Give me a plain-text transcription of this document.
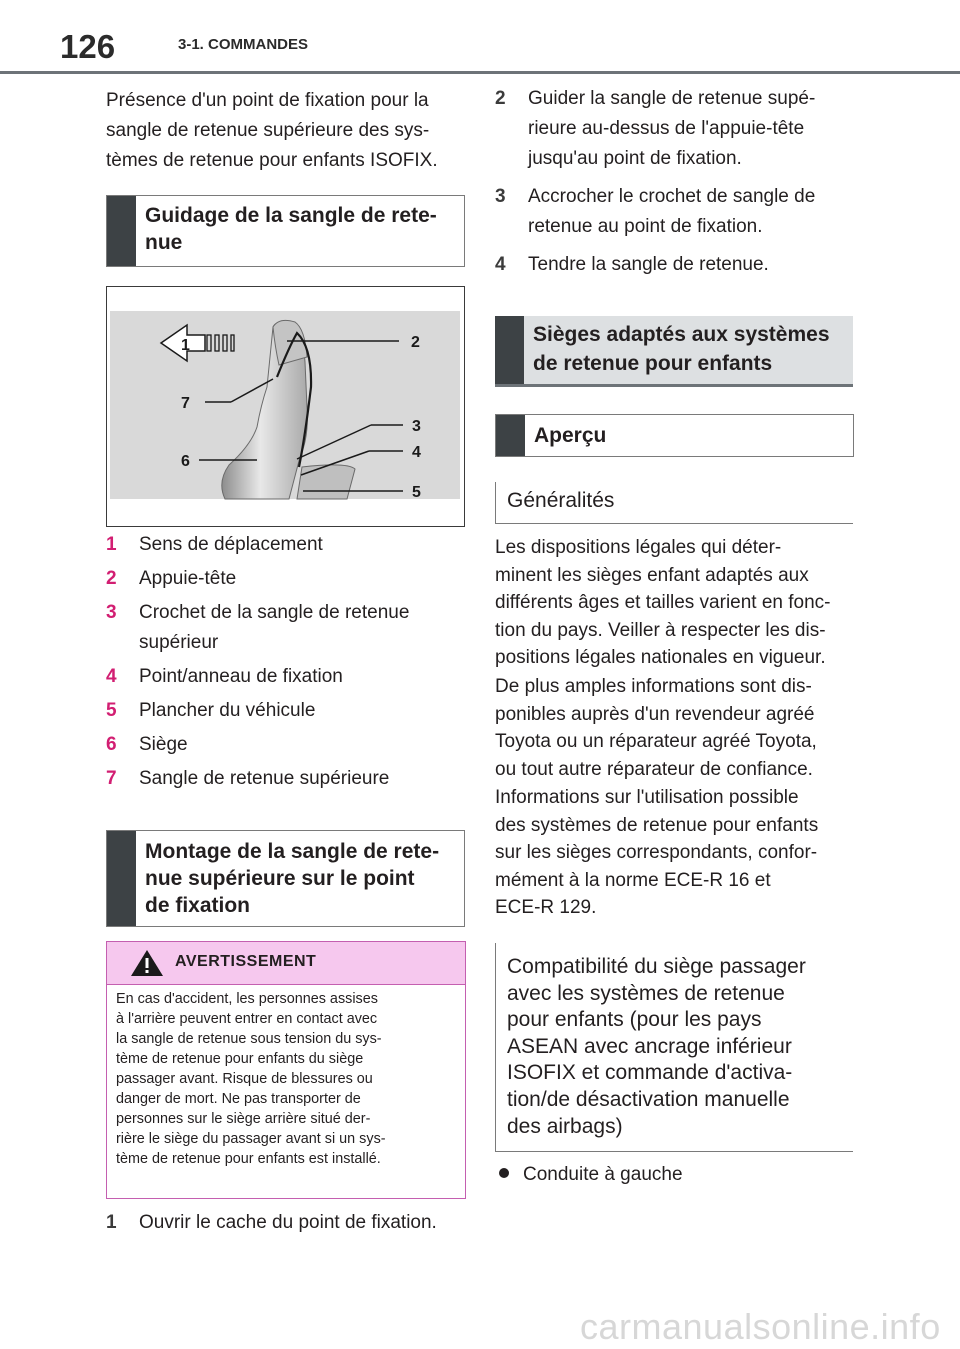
126	3-1. COMMANDES
Présence d'un point de fixation pour la
sangle de retenue supérieure des sys-
tèmes de retenue pour enfants ISOFIX.
Guidage de la sangle de rete-
nue
1	2
3
4
5
6
7
1 Sens de déplacement
2 Appuie-tête
3 Crochet de la sangle de retenue
supérieur
4 Point/anneau de fixation
5 Plancher du véhicule
6 Siège
7 Sangle de retenue supérieure
Montage de la sangle de rete-
nue supérieure sur le point
de fixation
AVERTISSEMENT
En cas d'accident, les personnes assises
à l'arrière peuvent entrer en contact avec
la sangle de retenue sous tension du sys-
tème de retenue pour enfants du siège
passager avant. Risque de blessures ou
danger de mort. Ne pas transporter de
personnes sur le siège arrière situé der-
rière le siège du passager avant si un sys-
tème de retenue pour enfants est installé.
1 Ouvrir le cache du point de fixation.
2 Guider la sangle de retenue supé-
rieure au-dessus de l'appuie-tête
jusqu'au point de fixation.
3 Accrocher le crochet de sangle de
retenue au point de fixation.
4 Tendre la sangle de retenue.
Sièges adaptés aux systèmes
de retenue pour enfants
Aperçu
Généralités
Les dispositions légales qui déter-
minent les sièges enfant adaptés aux
différents âges et tailles varient en fonc-
tion du pays. Veiller à respecter les dis-
positions légales nationales en vigueur.
De plus amples informations sont dis-
ponibles auprès d'un revendeur agréé
Toyota ou un réparateur agréé Toyota,
ou tout autre réparateur de confiance.
Informations sur l'utilisation possible
des systèmes de retenue pour enfants
sur les sièges correspondants, confor-
mément à la norme ECE-R 16 et
ECE-R 129.
Compatibilité du siège passager
avec les systèmes de retenue
pour enfants (pour les pays
ASEAN avec ancrage inférieur
ISOFIX et commande d'activa-
tion/de désactivation manuelle
des airbags)
Conduite à gauche
carmanualsonline.info
